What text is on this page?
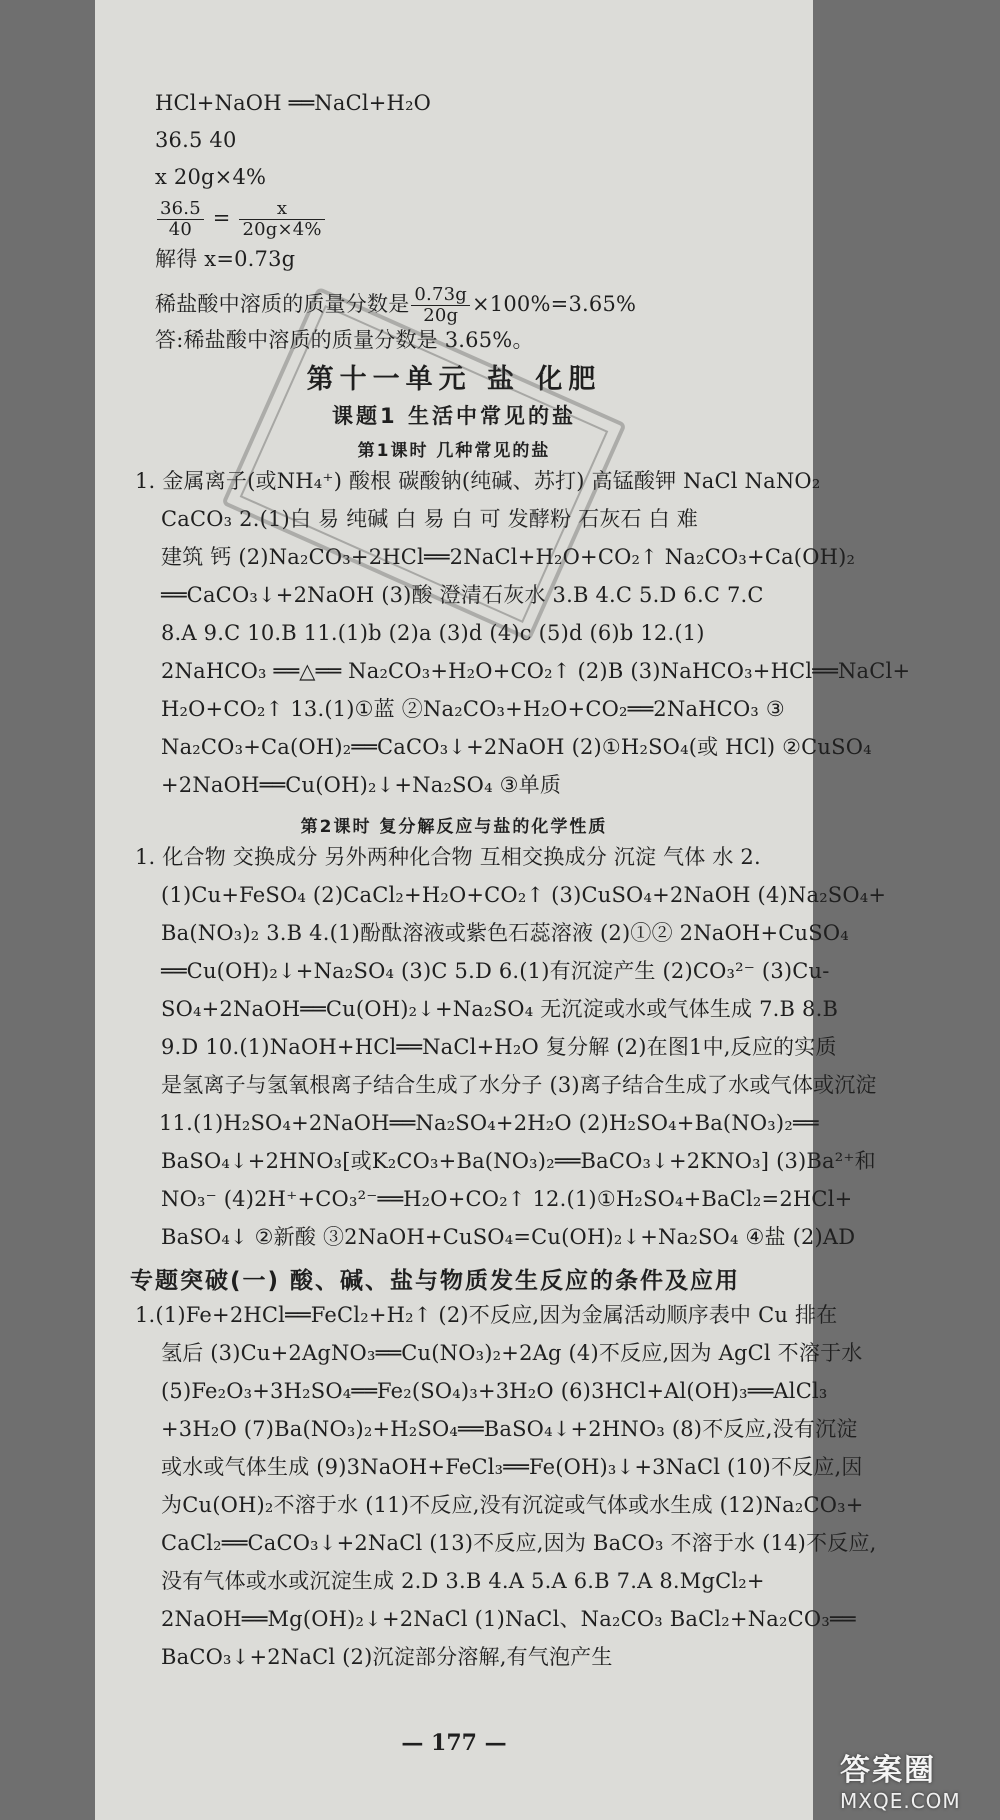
HCl+NaOH ══NaCl+H₂O
36.5 40
x 20g×4%
$\frac{36.5}{40} = \frac{x}{20g\times 4\%}$
解得 x=0.73g
稀盐酸中溶质的质量分数是 $\frac{0.73g}{20g} \times 100\%=3.65\%$
答:稀盐酸中溶质的质量分数是 3.65%。
第十一单元 盐 化肥
课题1 生活中常见的盐
第1课时 几种常见的盐
1. 金属离子(或NH₄⁺) 酸根 碳酸钠(纯碱、苏打) 高锰酸钾 NaCl NaNO₂
CaCO₃ 2.(1)白 易 纯碱 白 易 白 可 发酵粉 石灰石 白 难
建筑 钙 (2)Na₂CO₃+2HCl══2NaCl+H₂O+CO₂↑ Na₂CO₃+Ca(OH)₂
══CaCO₃↓+2NaOH (3)酸 澄清石灰水 3.B 4.C 5.D 6.C 7.C
8.A 9.C 10.B 11.(1)b (2)a (3)d (4)c (5)d (6)b 12.(1)
2NaHCO₃ ══△══ Na₂CO₃+H₂O+CO₂↑ (2)B (3)NaHCO₃+HCl══NaCl+
H₂O+CO₂↑ 13.(1)①蓝 ②Na₂CO₃+H₂O+CO₂══2NaHCO₃ ③
Na₂CO₃+Ca(OH)₂══CaCO₃↓+2NaOH (2)①H₂SO₄(或 HCl) ②CuSO₄
+2NaOH══Cu(OH)₂↓+Na₂SO₄ ③单质
第2课时 复分解反应与盐的化学性质
1. 化合物 交换成分 另外两种化合物 互相交换成分 沉淀 气体 水 2.
(1)Cu+FeSO₄ (2)CaCl₂+H₂O+CO₂↑ (3)CuSO₄+2NaOH (4)Na₂SO₄+
Ba(NO₃)₂ 3.B 4.(1)酚酞溶液或紫色石蕊溶液 (2)①② 2NaOH+CuSO₄
══Cu(OH)₂↓+Na₂SO₄ (3)C 5.D 6.(1)有沉淀产生 (2)CO₃²⁻ (3)Cu-
SO₄+2NaOH══Cu(OH)₂↓+Na₂SO₄ 无沉淀或水或气体生成 7.B 8.B
9.D 10.(1)NaOH+HCl══NaCl+H₂O 复分解 (2)在图1中,反应的实质
是氢离子与氢氧根离子结合生成了水分子 (3)离子结合生成了水或气体或沉淀
11.(1)H₂SO₄+2NaOH══Na₂SO₄+2H₂O (2)H₂SO₄+Ba(NO₃)₂══
BaSO₄↓+2HNO₃[或K₂CO₃+Ba(NO₃)₂══BaCO₃↓+2KNO₃] (3)Ba²⁺和
NO₃⁻ (4)2H⁺+CO₃²⁻══H₂O+CO₂↑ 12.(1)①H₂SO₄+BaCl₂=2HCl+
BaSO₄↓ ②新酸 ③2NaOH+CuSO₄=Cu(OH)₂↓+Na₂SO₄ ④盐 (2)AD
专题突破(一) 酸、碱、盐与物质发生反应的条件及应用
1.(1)Fe+2HCl══FeCl₂+H₂↑ (2)不反应,因为金属活动顺序表中 Cu 排在
氢后 (3)Cu+2AgNO₃══Cu(NO₃)₂+2Ag (4)不反应,因为 AgCl 不溶于水
(5)Fe₂O₃+3H₂SO₄══Fe₂(SO₄)₃+3H₂O (6)3HCl+Al(OH)₃══AlCl₃
+3H₂O (7)Ba(NO₃)₂+H₂SO₄══BaSO₄↓+2HNO₃ (8)不反应,没有沉淀
或水或气体生成 (9)3NaOH+FeCl₃══Fe(OH)₃↓+3NaCl (10)不反应,因
为Cu(OH)₂不溶于水 (11)不反应,没有沉淀或气体或水生成 (12)Na₂CO₃+
CaCl₂══CaCO₃↓+2NaCl (13)不反应,因为 BaCO₃ 不溶于水 (14)不反应,
没有气体或水或沉淀生成 2.D 3.B 4.A 5.A 6.B 7.A 8.MgCl₂+
2NaOH══Mg(OH)₂↓+2NaCl (1)NaCl、Na₂CO₃ BaCl₂+Na₂CO₃══
BaCO₃↓+2NaCl (2)沉淀部分溶解,有气泡产生
— 177 —
答案圈
MXQE.COM
